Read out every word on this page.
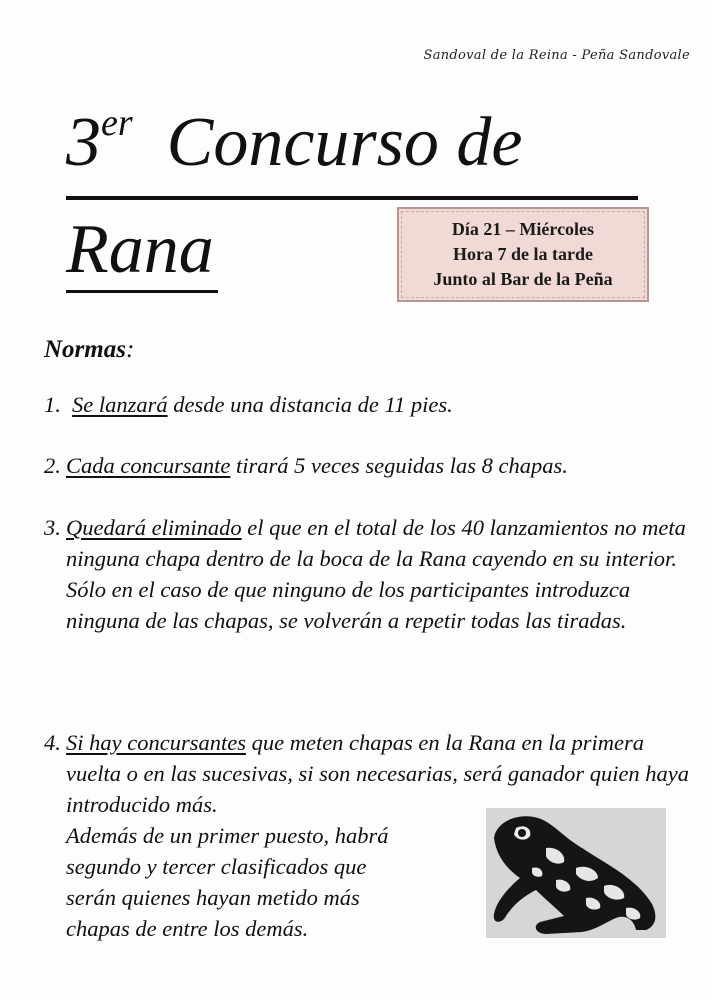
Sandoval de la Reina - Peña Sandovale
3er Concurso de
Rana	Día 21 – Miércoles
Hora 7 de la tarde
Junto al Bar de la Peña
Normas:
1. Se lanzará desde una distancia de 11 pies.

2. Cada concursante tirará 5 veces seguidas las 8 chapas.

3. Quedará eliminado el que en el total de los 40 lanzamientos no meta ninguna chapa dentro de la boca de la Rana cayendo en su interior.

Sólo en el caso de que ninguno de los participantes introduzca ninguna de las chapas, se volverán a repetir todas las tiradas.

4. Si hay concursantes que meten chapas en la Rana en la primera vuelta o en las sucesivas, si son necesarias, será ganador quien haya introducido más.

Además de un primer puesto, habrá

segundo y tercer clasificados que

serán quienes hayan metido más

chapas de entre los demás.
